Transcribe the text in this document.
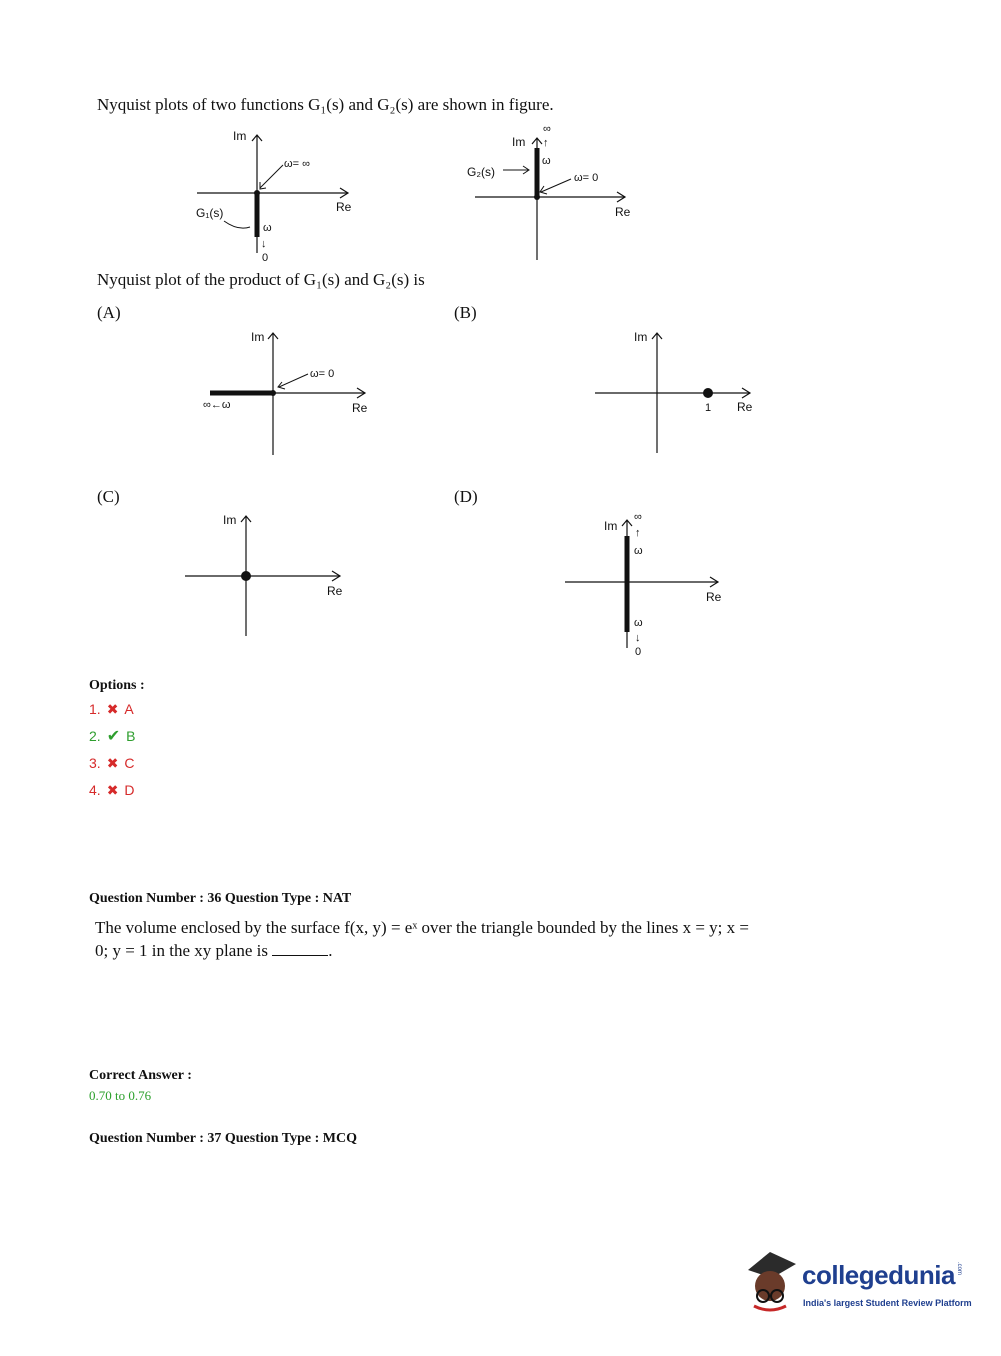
Nyquist plots of two functions G₁(s) and G₂(s) are shown in figure.
Im
Re
ω= ∞
G₁(s)
ω
↓
0
Im
∞
↑
ω
ω= 0
G₂(s)
Re
Nyquist plot of the product of G₁(s) and G₂(s) is
(A)
Im
ω= 0
∞←ω	Re
(B)
Im
1 Re
(C)
Im
Re
(D)
Im
∞
↑
ω
Re
ω
↓
0
Options :
1. ✖ A
2. ✔ B
3. ✖ C
4. ✖ D
Question Number : 36 Question Type : NAT
The volume enclosed by the surface f(x, y) = eˣ over the triangle bounded by the lines x = y; x =
0; y = 1 in the xy plane is	.
Correct Answer :
0.70 to 0.76
Question Number : 37 Question Type : MCQ
collegedunia .com
India's largest Student Review Platform
